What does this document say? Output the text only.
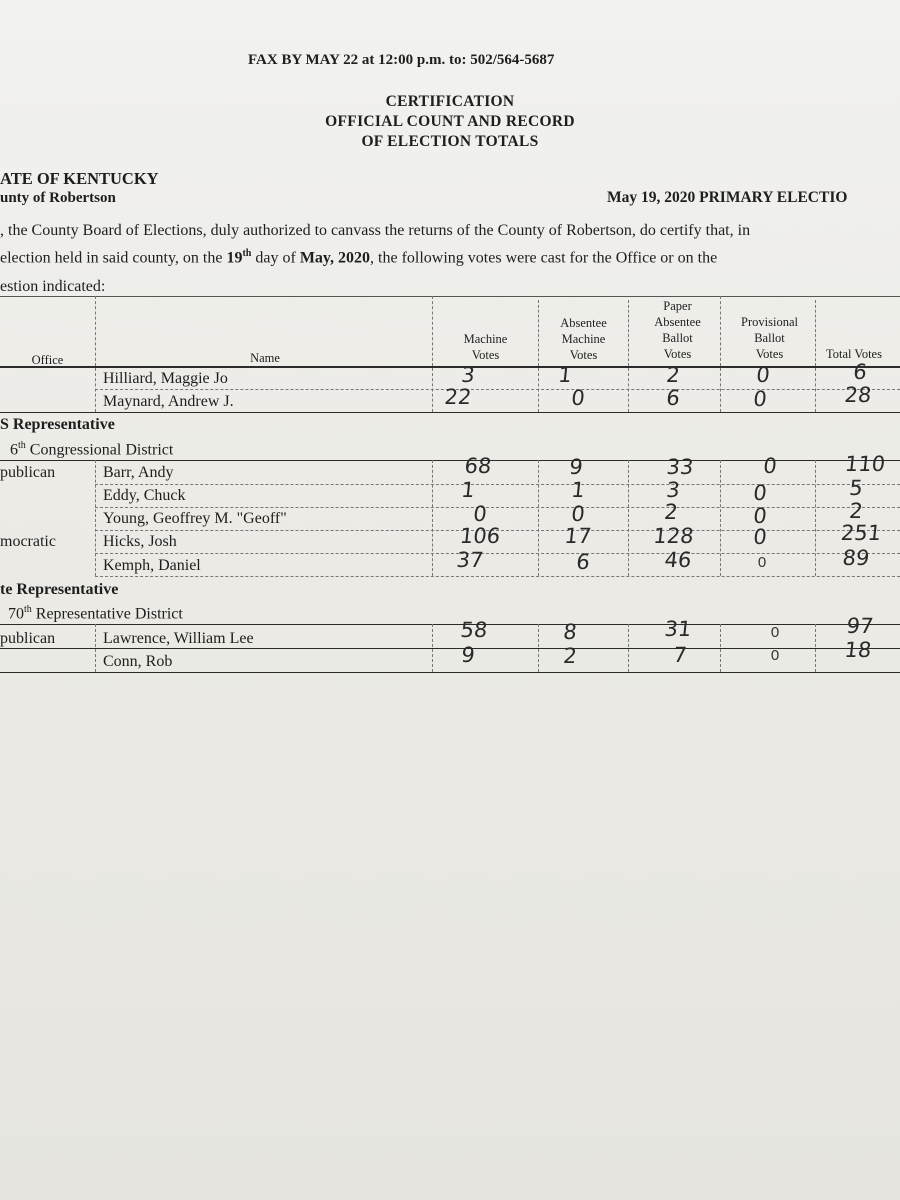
FAX BY MAY 22 at 12:00 p.m. to: 502/564-5687
CERTIFICATION
OFFICIAL COUNT AND RECORD
OF ELECTION TOTALS
ATE OF KENTUCKY
unty of Robertson	May 19, 2020 PRIMARY ELECTIO
, the County Board of Elections, duly authorized to canvass the returns of the County of Robertson, do certify that, in
election held in said county, on the 19th day of May, 2020, the following votes were cast for the Office or on the
estion indicated:
Office	Name
Machine
Votes
Absentee
Machine
Votes
Paper
Absentee
Ballot
Votes
Provisional
Ballot
Votes	Total Votes
Hilliard, Maggie Jo	3	1	2	0	6
Maynard, Andrew J.	22	0	6	0	28
S Representative
6th Congressional District
publican	Barr, Andy	68	9	33	0	110
Eddy, Chuck	1	1	3	0	5
Young, Geoffrey M. "Geoff"	0	0	2	0	2
mocratic	Hicks, Josh	106	17	128	0	251
Kemph, Daniel	37	6	46	0	89
te Representative
70th Representative District
publican	Lawrence, William Lee	58	8	31	0	97
Conn, Rob	9	2	7	0	18
